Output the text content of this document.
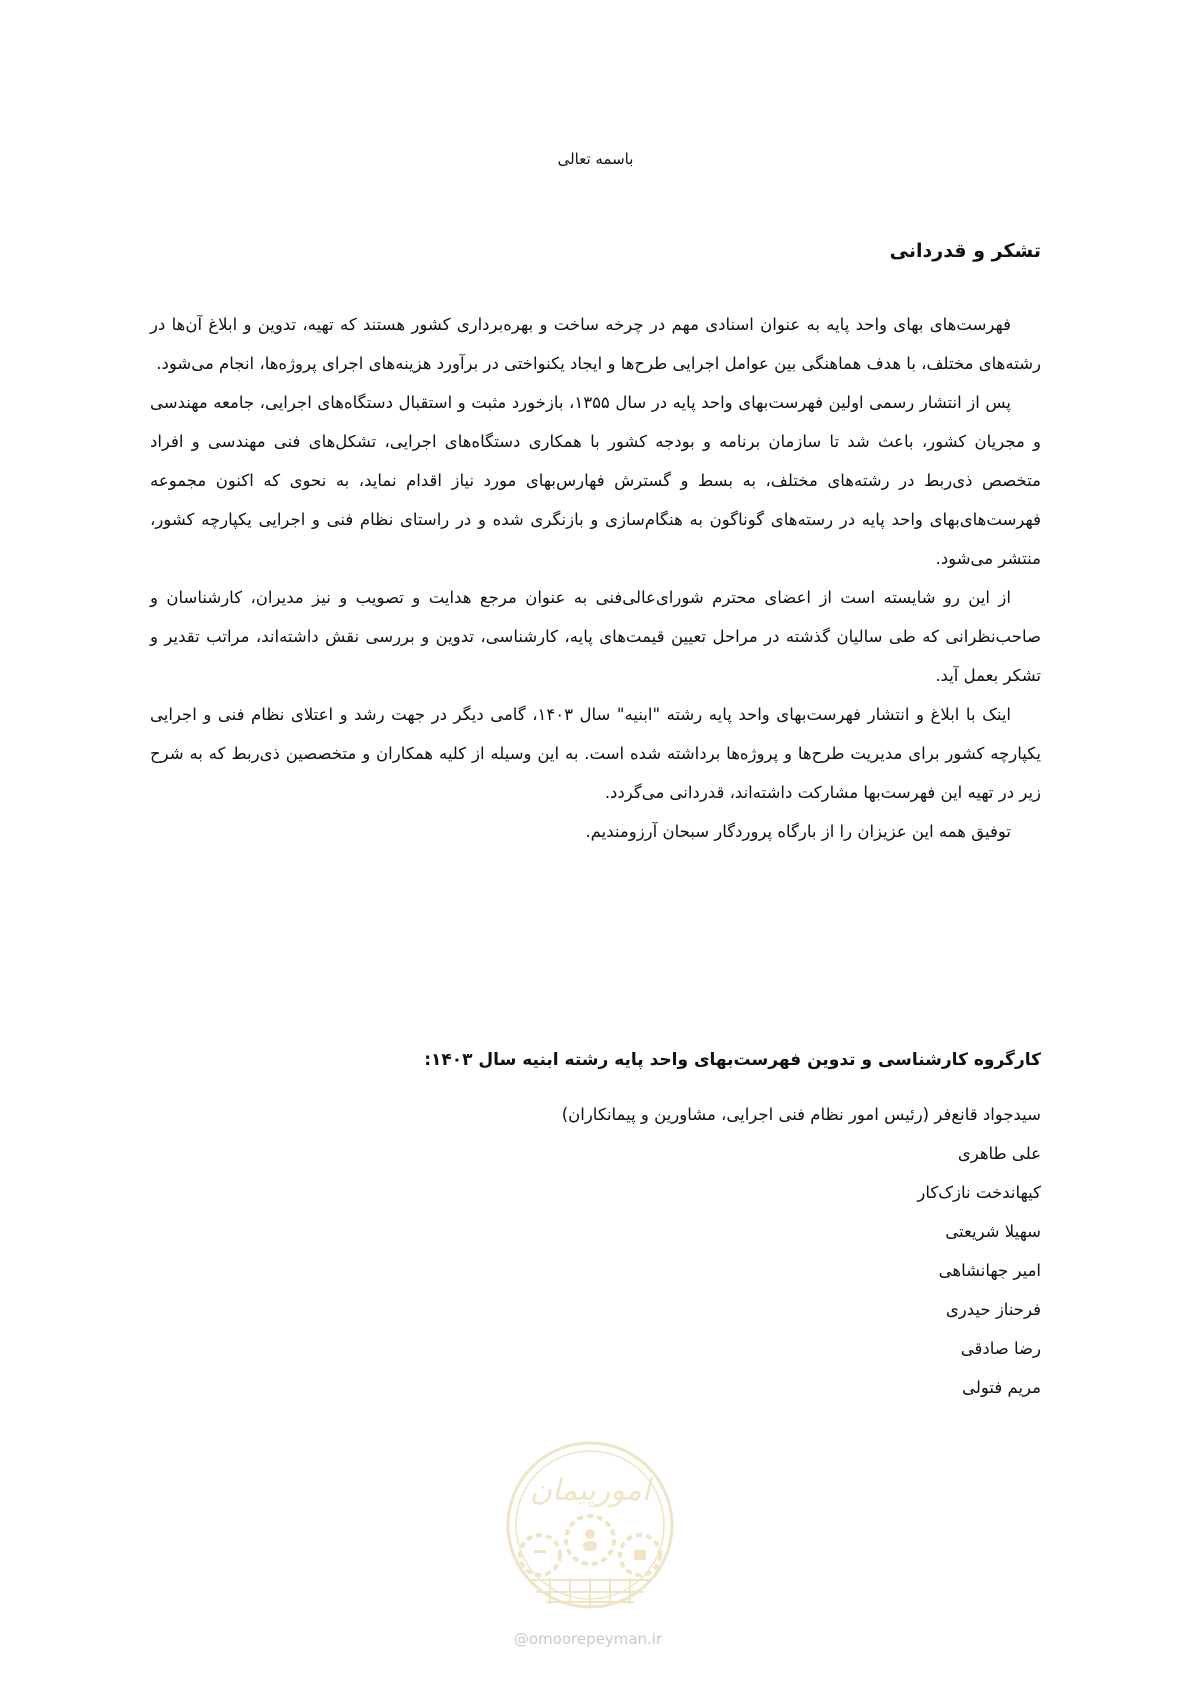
باسمه تعالی
تشکر و قدردانی

فهرست‌های بهای واحد پایه به عنوان اسنادی مهم در چرخه ساخت و بهره‌برداری کشور هستند که تهیه، تدوین و ابلاغ آن‌ها در رشته‌های مختلف، با هدف هماهنگی بین عوامل اجرایی طرح‌ها و ایجاد یکنواختی در برآورد هزینه‌های اجرای پروژه‌ها، انجام می‌شود.

پس از انتشار رسمی اولین فهرست‌بهای واحد پایه در سال ۱۳۵۵، بازخورد مثبت و استقبال دستگاه‌های اجرایی، جامعه مهندسی و مجریان کشور، باعث شد تا سازمان برنامه و بودجه کشور با همکاری دستگاه‌های اجرایی، تشکل‌های فنی مهندسی و افراد متخصص ذی‌ربط در رشته‌های مختلف، به بسط و گسترش فهارس‌بهای مورد نیاز اقدام نماید، به نحوی که اکنون مجموعه فهرست‌های‌بهای واحد پایه در رسته‌های گوناگون به هنگام‌سازی و بازنگری شده و در راستای نظام فنی و اجرایی یکپارچه کشور، منتشر می‌شود.

از این رو شایسته است از اعضای محترم شورای‌عالی‌فنی به عنوان مرجع هدایت و تصویب و نیز مدیران، کارشناسان و صاحب‌نظرانی که طی سالیان گذشته در مراحل تعیین قیمت‌های پایه، کارشناسی، تدوین و بررسی نقش داشته‌اند، مراتب تقدیر و تشکر بعمل آید.

اینک با ابلاغ و انتشار فهرست‌بهای واحد پایه رشته "ابنیه" سال ۱۴۰۳، گامی دیگر در جهت رشد و اعتلای نظام فنی و اجرایی یکپارچه کشور برای مدیریت طرح‌ها و پروژه‌ها برداشته شده است. به این وسیله از کلیه همکاران و متخصصین ذی‌ربط که به شرح زیر در تهیه این فهرست‌بها مشارکت داشته‌اند، قدردانی می‌گردد.

توفیق همه این عزیزان را از بارگاه پروردگار سبحان آرزومندیم.

کارگروه کارشناسی و تدوین فهرست‌بهای واحد پایه رشته ابنیه سال ۱۴۰۳:
سیدجواد قانع‌فر (رئیس امور نظام فنی اجرایی، مشاورین و پیمانکاران)
علی طاهری
کیهاندخت نازک‌کار
سهیلا شریعتی
امیر جهانشاهی
فرحناز حیدری
رضا صادقی
مریم فتولی
امورپیمان
@omoorepeyman.ir
